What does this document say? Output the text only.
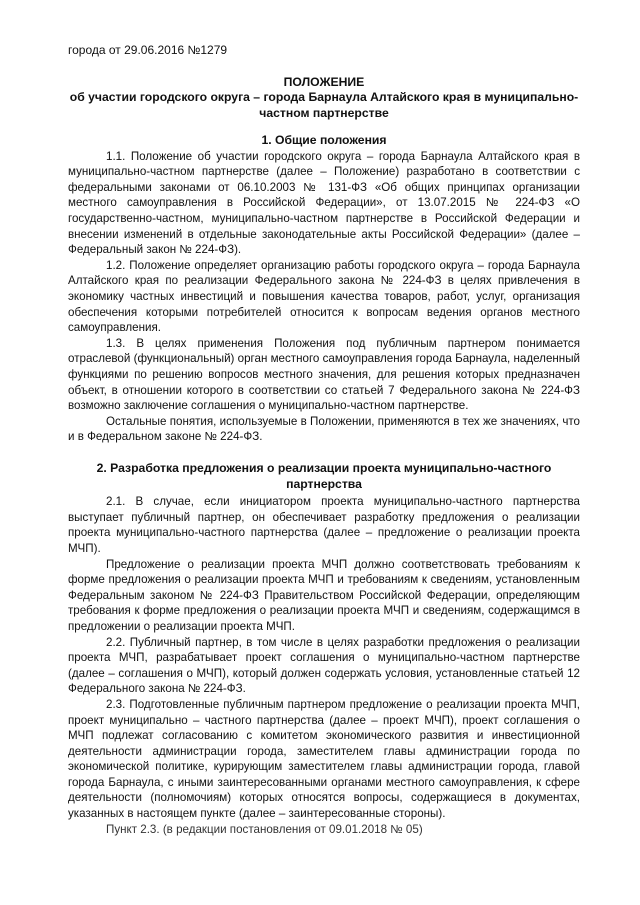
города от 29.06.2016 №1279
ПОЛОЖЕНИЕ
об участии городского округа – города Барнаула Алтайского края в муниципально-частном партнерстве

1. Общие положения

1.1. Положение об участии городского округа – города Барнаула Алтайского края в муниципально-частном партнерстве (далее – Положение) разработано в соответствии с федеральными законами от 06.10.2003 № 131-ФЗ «Об общих принципах организации местного самоуправления в Российской Федерации», от 13.07.2015 № 224-ФЗ «О государственно-частном, муниципально-частном партнерстве в Российской Федерации и внесении изменений в отдельные законодательные акты Российской Федерации» (далее – Федеральный закон № 224-ФЗ).

1.2. Положение определяет организацию работы городского округа – города Барнаула Алтайского края по реализации Федерального закона № 224-ФЗ в целях привлечения в экономику частных инвестиций и повышения качества товаров, работ, услуг, организация обеспечения которыми потребителей относится к вопросам ведения органов местного самоуправления.

1.3. В целях применения Положения под публичным партнером понимается отраслевой (функциональный) орган местного самоуправления города Барнаула, наделенный функциями по решению вопросов местного значения, для решения которых предназначен объект, в отношении которого в соответствии со статьей 7 Федерального закона № 224-ФЗ возможно заключение соглашения о муниципально-частном партнерстве.

Остальные понятия, используемые в Положении, применяются в тех же значениях, что и в Федеральном законе № 224-ФЗ.

2. Разработка предложения о реализации проекта муниципально-частного партнерства

2.1. В случае, если инициатором проекта муниципально-частного партнерства выступает публичный партнер, он обеспечивает разработку предложения о реализации проекта муниципально-частного партнерства (далее – предложение о реализации проекта МЧП).

Предложение о реализации проекта МЧП должно соответствовать требованиям к форме предложения о реализации проекта МЧП и требованиям к сведениям, установленным Федеральным законом № 224-ФЗ Правительством Российской Федерации, определяющим требования к форме предложения о реализации проекта МЧП и сведениям, содержащимся в предложении о реализации проекта МЧП.

2.2. Публичный партнер, в том числе в целях разработки предложения о реализации проекта МЧП, разрабатывает проект соглашения о муниципально-частном партнерстве (далее – соглашения о МЧП), который должен содержать условия, установленные статьей 12 Федерального закона № 224-ФЗ.

2.3. Подготовленные публичным партнером предложение о реализации проекта МЧП, проект муниципально – частного партнерства (далее – проект МЧП), проект соглашения о МЧП подлежат согласованию с комитетом экономического развития и инвестиционной деятельности администрации города, заместителем главы администрации города по экономической политике, курирующим заместителем главы администрации города, главой города Барнаула, с иными заинтересованными органами местного самоуправления, к сфере деятельности (полномочиям) которых относятся вопросы, содержащиеся в документах, указанных в настоящем пункте (далее – заинтересованные стороны).

Пункт 2.3. (в редакции постановления от 09.01.2018 № 05)
